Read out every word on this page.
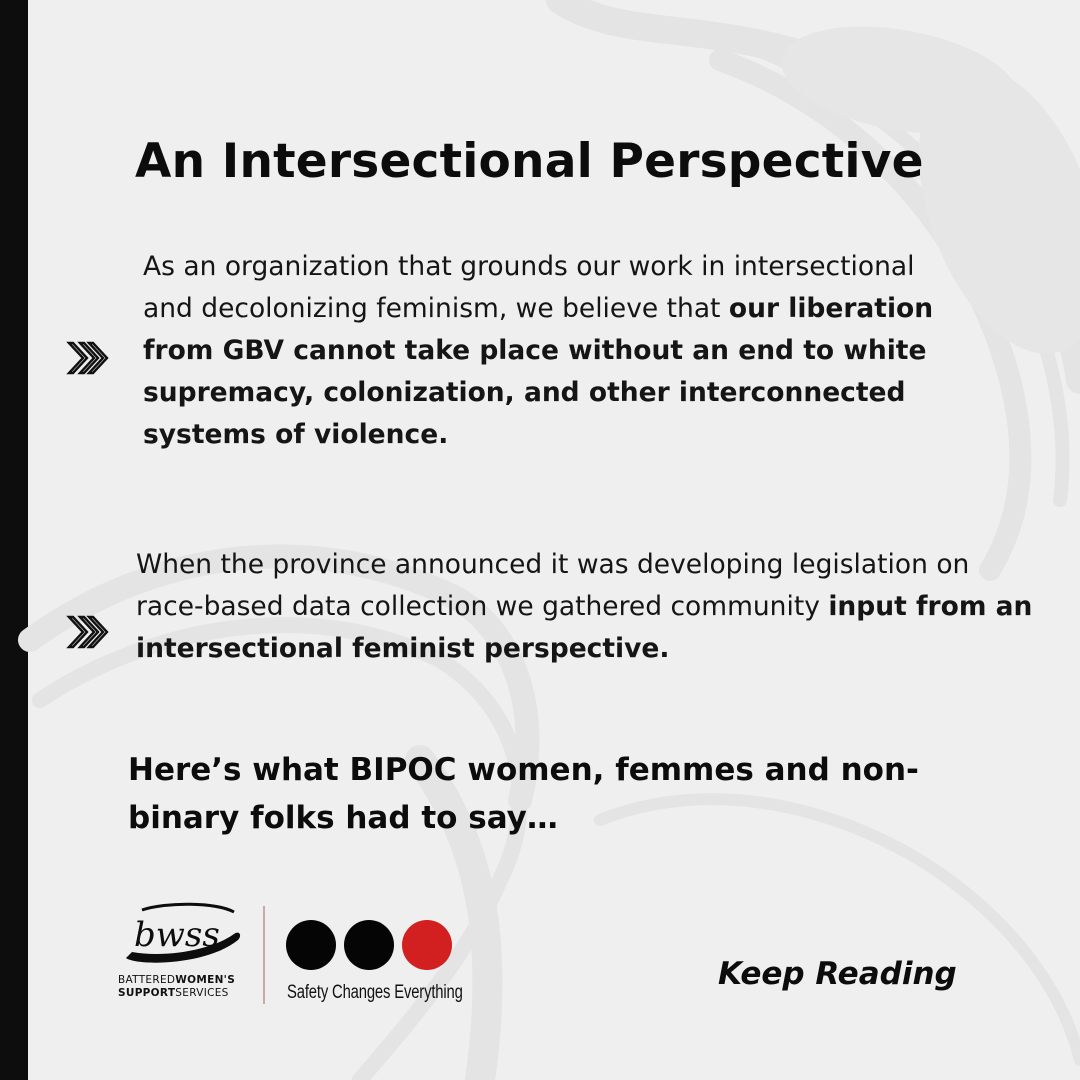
An Intersectional Perspective
As an organization that grounds our work in intersectional and decolonizing feminism, we believe that our liberation from GBV cannot take place without an end to white supremacy, colonization, and other interconnected systems of violence.
When the province announced it was developing legislation on race-based data collection we gathered community input from an intersectional feminist perspective.
Here’s what BIPOC women, femmes and non-binary folks had to say…
bwss
BATTEREDWOMEN'S
SUPPORTSERVICES	Safety Changes Everything
Keep Reading
